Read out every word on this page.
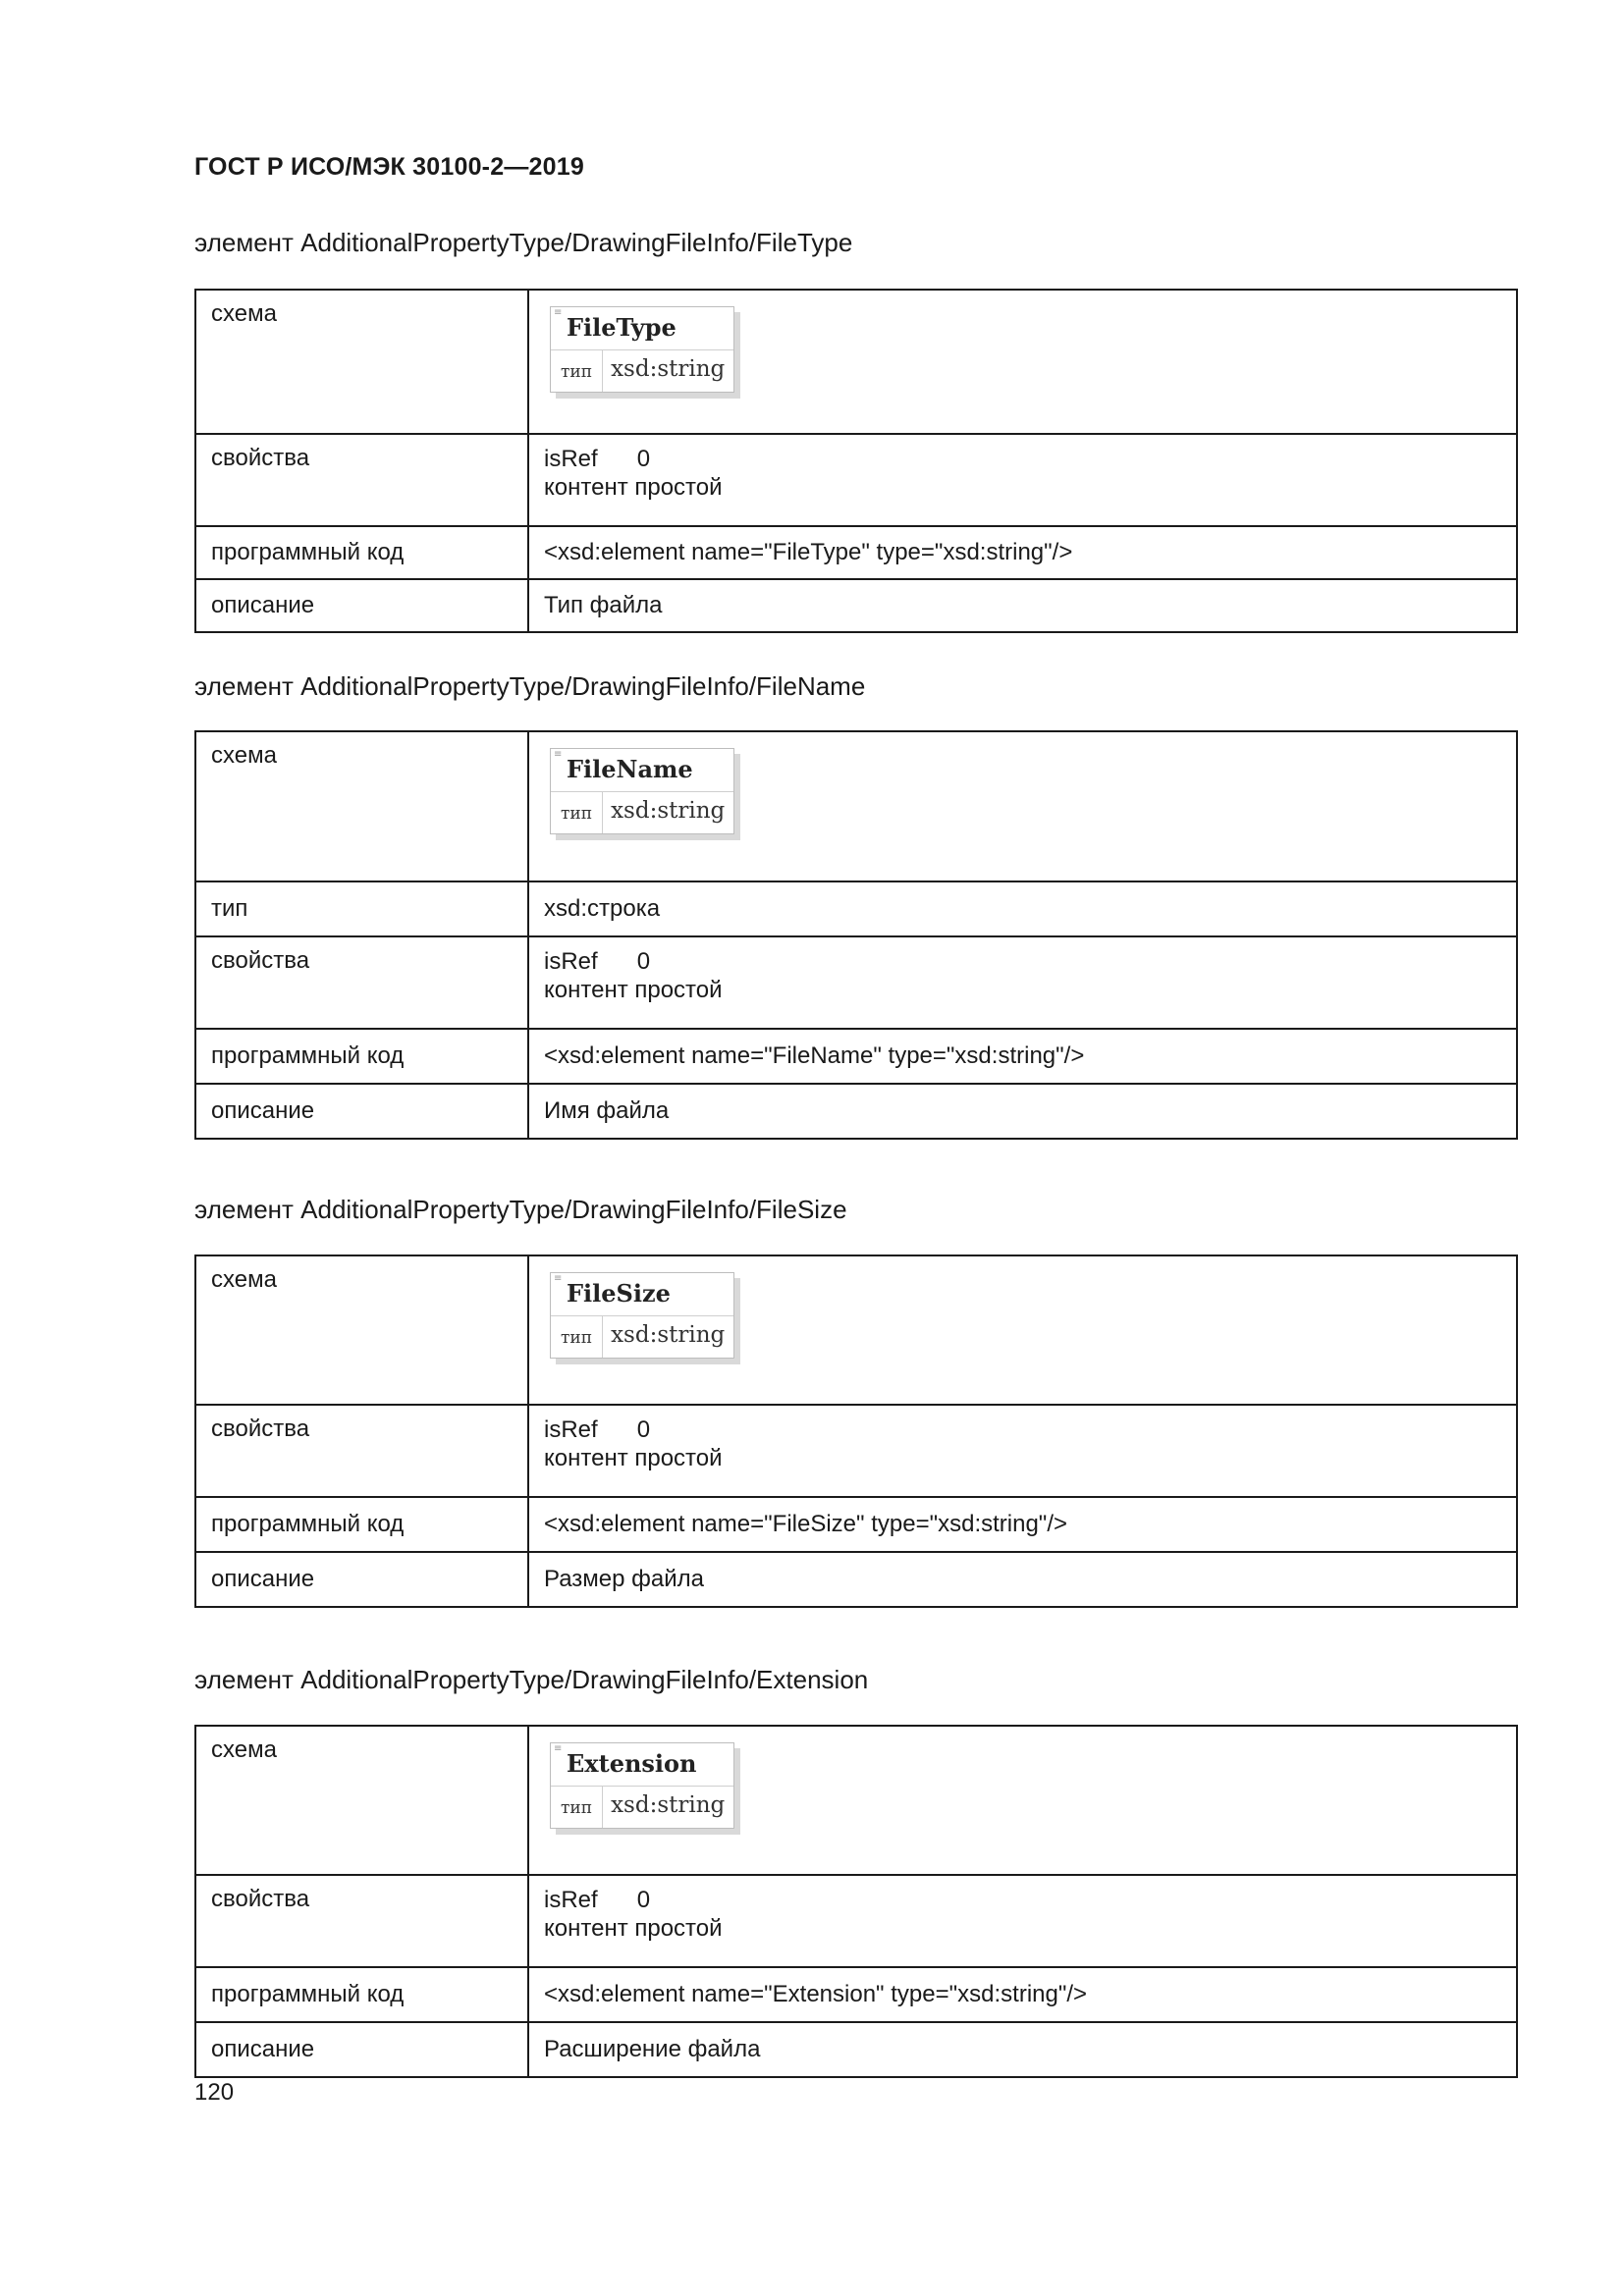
ГОСТ Р ИСО/МЭК 30100-2—2019
элемент AdditionalPropertyType/DrawingFileInfo/FileType
схема	≡
FileType
тип xsd:string

свойства	isRef 0
контент простой

программный код	<xsd:element name="FileType" type="xsd:string"/>
описание	Тип файла
элемент AdditionalPropertyType/DrawingFileInfo/FileName
схема	≡
FileName
тип xsd:string

тип	xsd:строка
свойства	isRef 0
контент простой

программный код	<xsd:element name="FileName" type="xsd:string"/>
описание	Имя файла
элемент AdditionalPropertyType/DrawingFileInfo/FileSize
схема	≡
FileSize
тип xsd:string

свойства	isRef 0
контент простой

программный код	<xsd:element name="FileSize" type="xsd:string"/>
описание	Размер файла
элемент AdditionalPropertyType/DrawingFileInfo/Extension
схема	≡
Extension
тип xsd:string

свойства	isRef 0
контент простой

программный код	<xsd:element name="Extension" type="xsd:string"/>
описание	Расширение файла
120
